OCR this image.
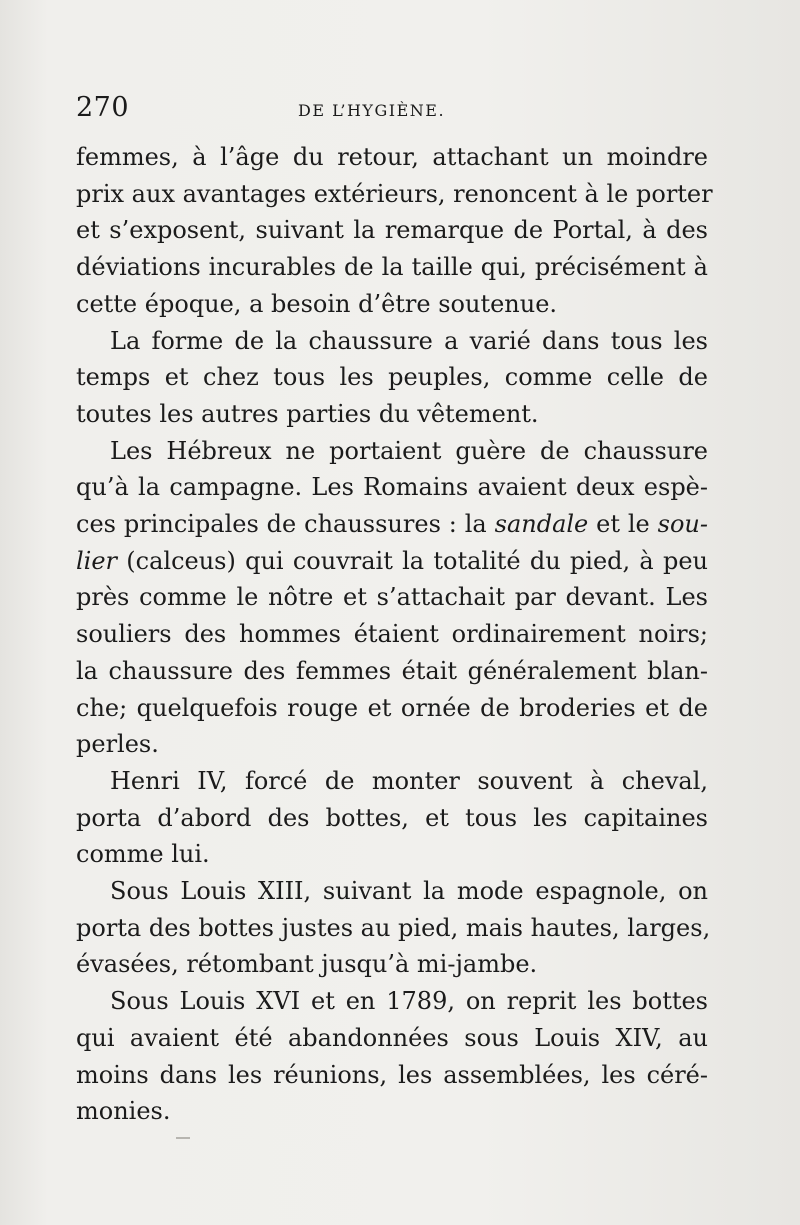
270	DE L’HYGIÈNE.

femmes, à l’âge du retour, attachant un moindre
prix aux avantages extérieurs, renoncent à le porter
et s’exposent, suivant la remarque de Portal, à des
déviations incurables de la taille qui, précisément à
cette époque, a besoin d’être soutenue.

La forme de la chaussure a varié dans tous les
temps et chez tous les peuples, comme celle de
toutes les autres parties du vêtement.

Les Hébreux ne portaient guère de chaussure
qu’à la campagne. Les Romains avaient deux espè-
ces principales de chaussures : la sandale et le sou-
lier (calceus) qui couvrait la totalité du pied, à peu
près comme le nôtre et s’attachait par devant. Les
souliers des hommes étaient ordinairement noirs;
la chaussure des femmes était généralement blan-
che; quelquefois rouge et ornée de broderies et de
perles.

Henri IV, forcé de monter souvent à cheval,
porta d’abord des bottes, et tous les capitaines
comme lui.

Sous Louis XIII, suivant la mode espagnole, on
porta des bottes justes au pied, mais hautes, larges,
évasées, rétombant jusqu’à mi-jambe.

Sous Louis XVI et en 1789, on reprit les bottes
qui avaient été abandonnées sous Louis XIV, au
moins dans les réunions, les assemblées, les céré-
monies.
